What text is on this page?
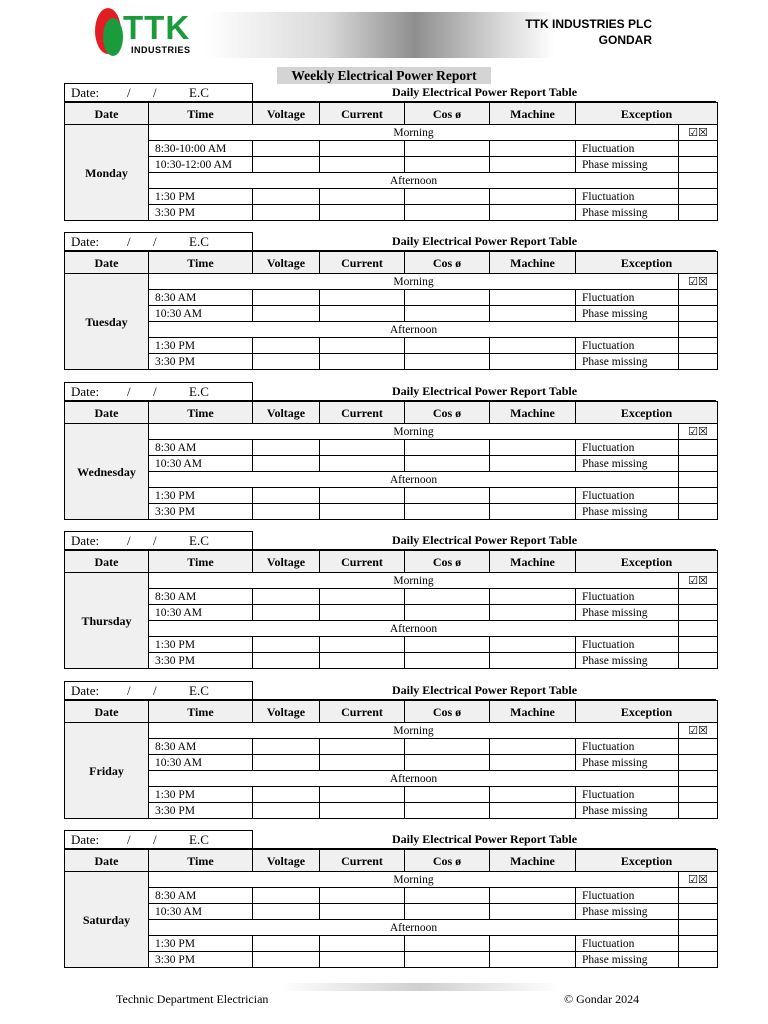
TTK
INDUSTRIES
TTK INDUSTRIES PLC
GONDAR
Weekly Electrical Power Report
Date: / / E.C	Daily Electrical Power Report Table
Date	Time	Voltage	Current	Cos ø	Machine	Exception	
Monday	Morning						☑☒
	8:30-10:00 AM					Fluctuation	
	10:30-12:00 AM					Phase missing	
	Afternoon						
	1:30 PM					Fluctuation	
	3:30 PM					Phase missing	
Date: / / E.C	Daily Electrical Power Report Table
Date	Time	Voltage	Current	Cos ø	Machine	Exception	
Tuesday	Morning						☑☒
	8:30 AM					Fluctuation	
	10:30 AM					Phase missing	
	Afternoon						
	1:30 PM					Fluctuation	
	3:30 PM					Phase missing	
Date: / / E.C	Daily Electrical Power Report Table
Date	Time	Voltage	Current	Cos ø	Machine	Exception	
Wednesday	Morning						☑☒
	8:30 AM					Fluctuation	
	10:30 AM					Phase missing	
	Afternoon						
	1:30 PM					Fluctuation	
	3:30 PM					Phase missing	
Date: / / E.C	Daily Electrical Power Report Table
Date	Time	Voltage	Current	Cos ø	Machine	Exception	
Thursday	Morning						☑☒
	8:30 AM					Fluctuation	
	10:30 AM					Phase missing	
	Afternoon						
	1:30 PM					Fluctuation	
	3:30 PM					Phase missing	
Date: / / E.C	Daily Electrical Power Report Table
Date	Time	Voltage	Current	Cos ø	Machine	Exception	
Friday	Morning						☑☒
	8:30 AM					Fluctuation	
	10:30 AM					Phase missing	
	Afternoon						
	1:30 PM					Fluctuation	
	3:30 PM					Phase missing	
Date: / / E.C	Daily Electrical Power Report Table
Date	Time	Voltage	Current	Cos ø	Machine	Exception	
Saturday	Morning						☑☒
	8:30 AM					Fluctuation	
	10:30 AM					Phase missing	
	Afternoon						
	1:30 PM					Fluctuation	
	3:30 PM					Phase missing	
Technic Department Electrician	© Gondar 2024
